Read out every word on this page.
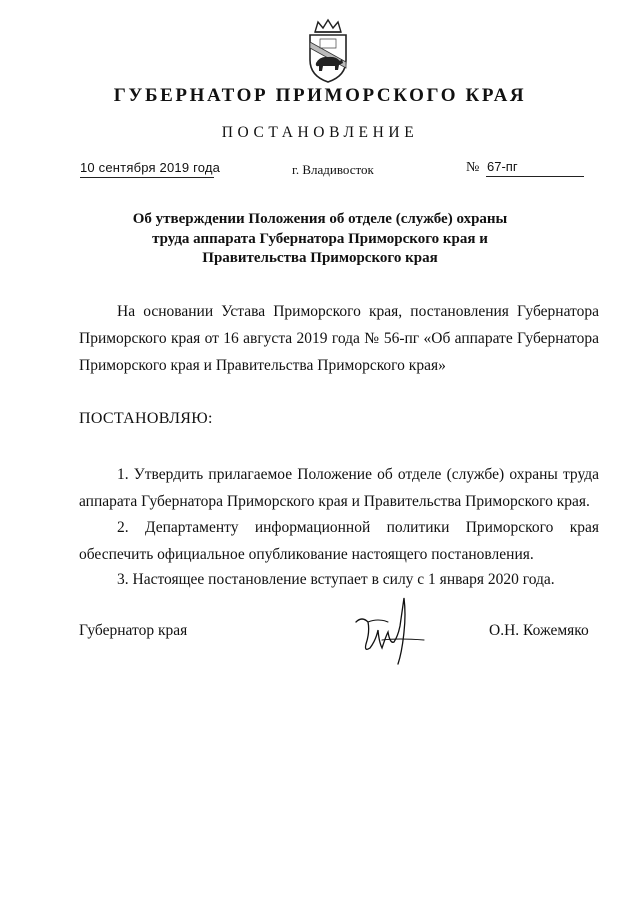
ГУБЕРНАТОР ПРИМОРСКОГО КРАЯ
ПОСТАНОВЛЕНИЕ
10 сентября 2019 года	г. Владивосток	№ 67-пг
Об утверждении Положения об отделе (службе) охраны труда аппарата Губернатора Приморского края и Правительства Приморского края
На основании Устава Приморского края, постановления Губернатора Приморского края от 16 августа 2019 года № 56-пг «Об аппарате Губернатора Приморского края и Правительства Приморского края»
ПОСТАНОВЛЯЮ:
1. Утвердить прилагаемое Положение об отделе (службе) охраны труда аппарата Губернатора Приморского края и Правительства Приморского края.
2. Департаменту информационной политики Приморского края обеспечить официальное опубликование настоящего постановления.
3. Настоящее постановление вступает в силу с 1 января 2020 года.
Губернатор края	О.Н. Кожемяко
